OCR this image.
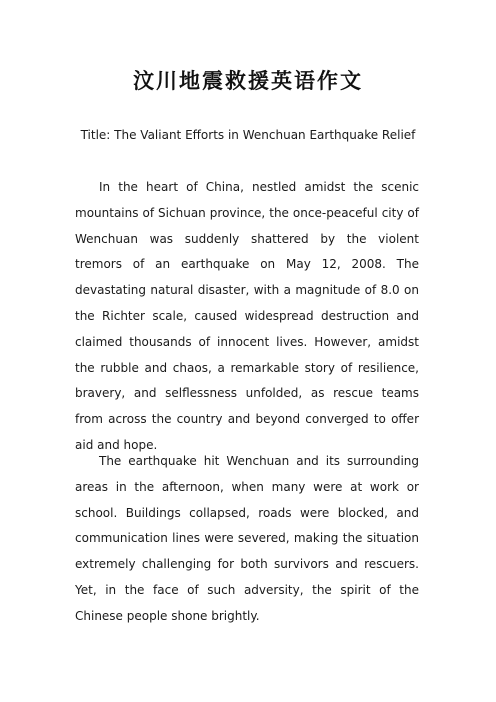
汶川地震救援英语作文
Title: The Valiant Efforts in Wenchuan Earthquake Relief

In the heart of China, nestled amidst the scenic mountains of Sichuan province, the once-peaceful city of Wenchuan was suddenly shattered by the violent tremors of an earthquake on May 12, 2008. The devastating natural disaster, with a magnitude of 8.0 on the Richter scale, caused widespread destruction and claimed thousands of innocent lives. However, amidst the rubble and chaos, a remarkable story of resilience, bravery, and selflessness unfolded, as rescue teams from across the country and beyond converged to offer aid and hope.

The earthquake hit Wenchuan and its surrounding areas in the afternoon, when many were at work or school. Buildings collapsed, roads were blocked, and communication lines were severed, making the situation extremely challenging for both survivors and rescuers. Yet, in the face of such adversity, the spirit of the Chinese people shone brightly.
